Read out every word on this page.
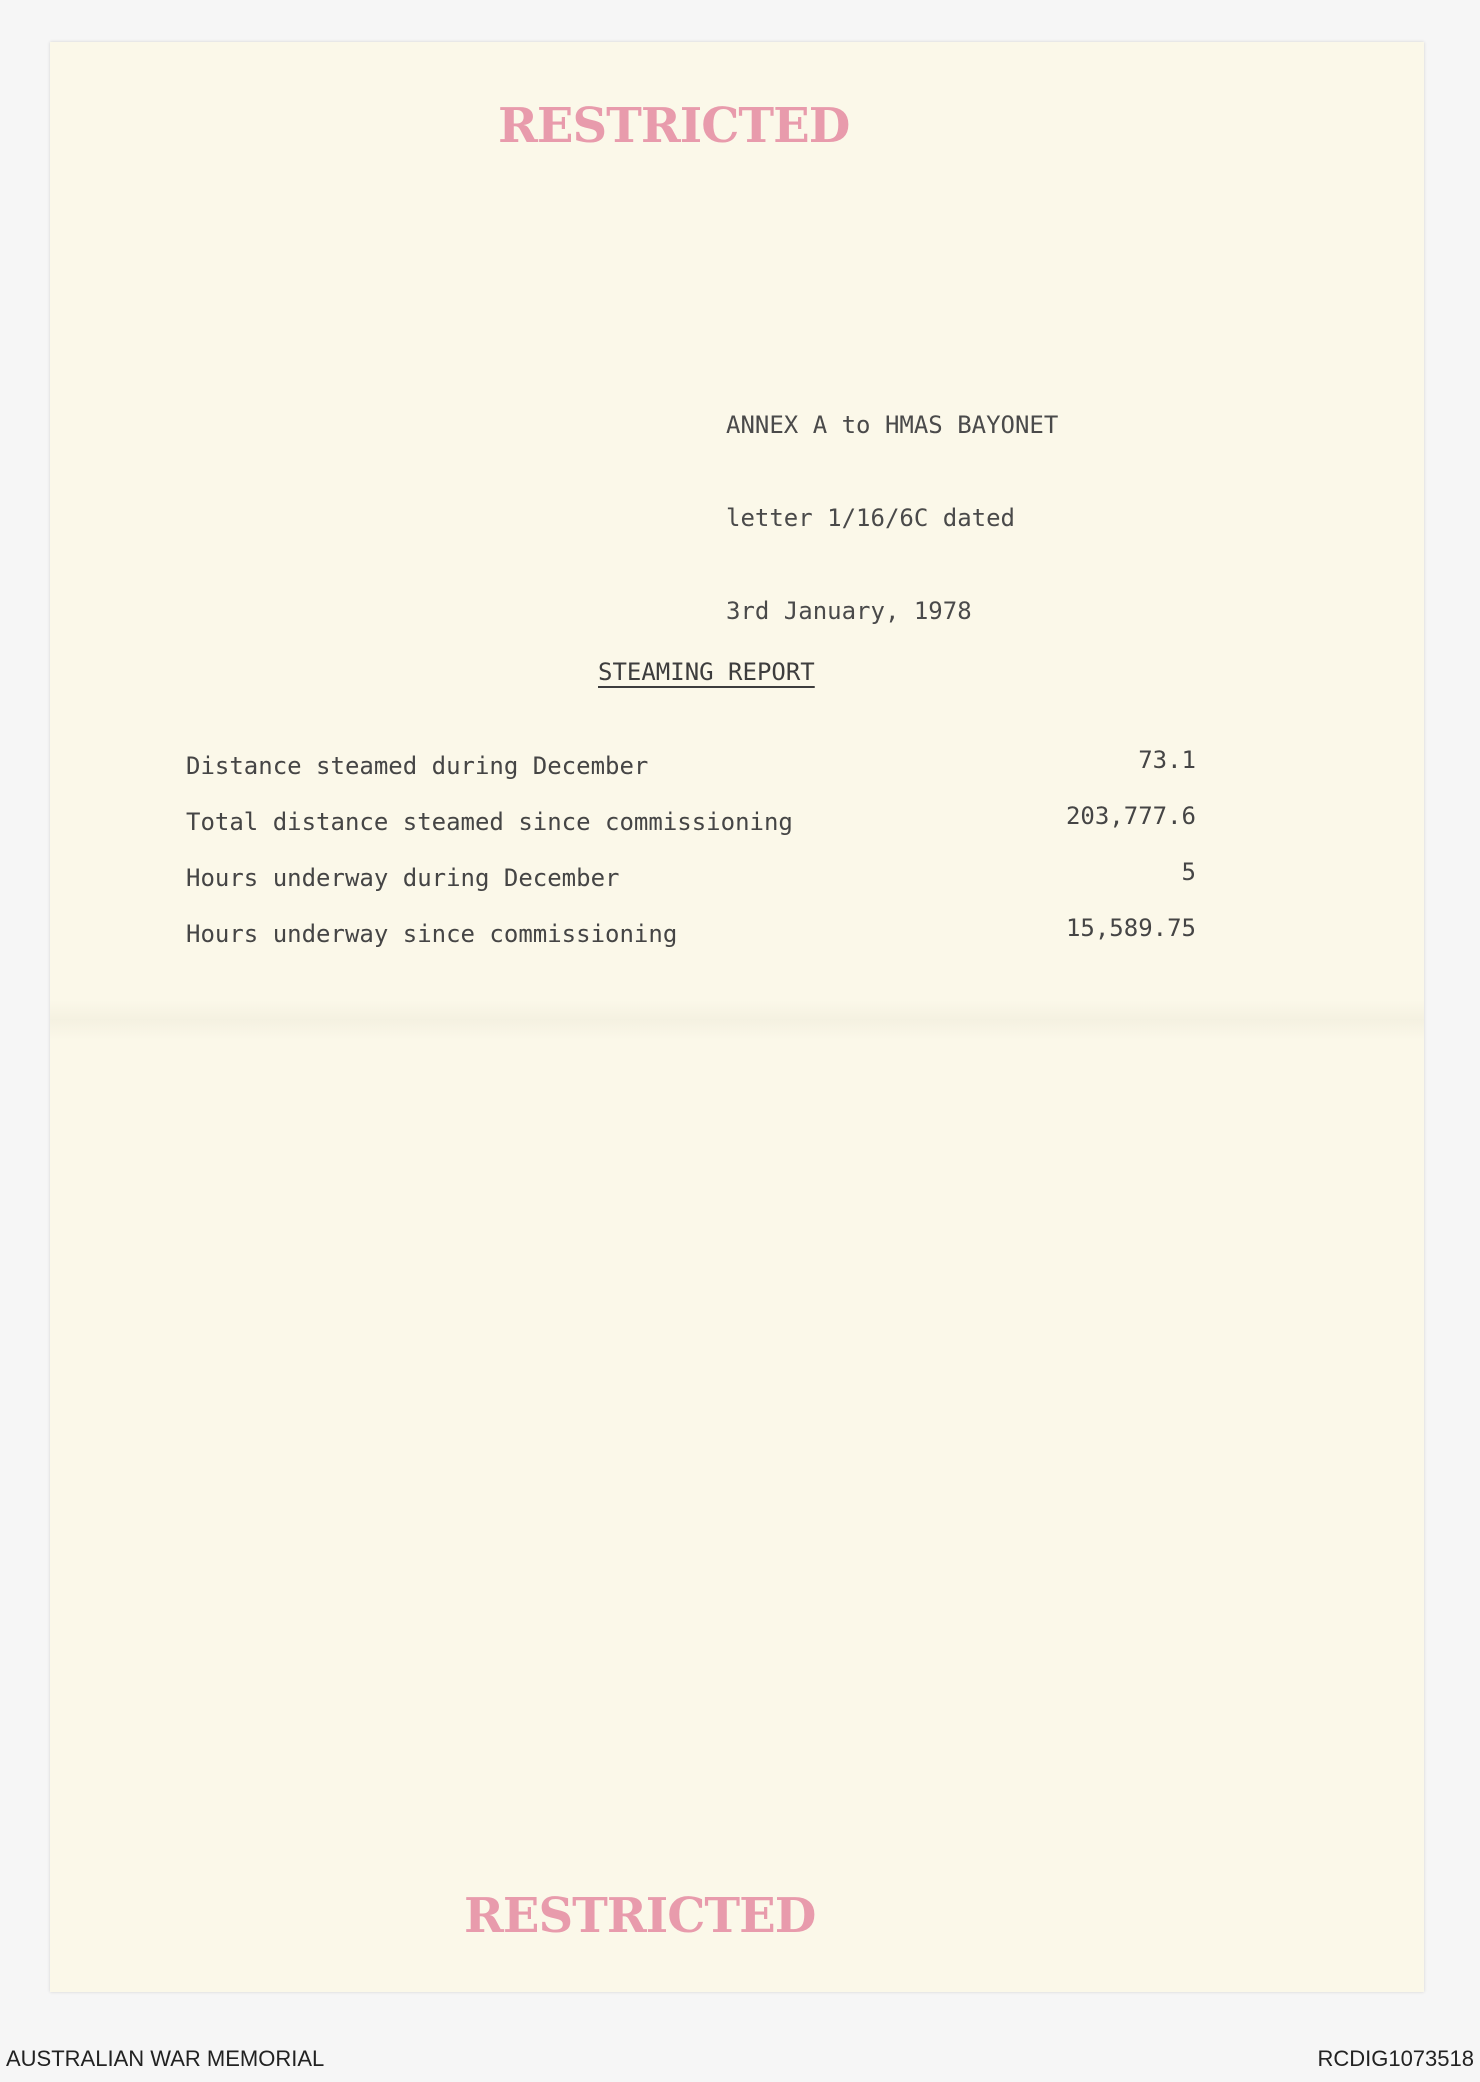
RESTRICTED

ANNEX A to HMAS BAYONET

letter 1/16/6C dated

3rd January, 1978

STEAMING REPORT
Distance steamed during December	73.1
Total distance steamed since commissioning	203,777.6
Hours underway during December	5
Hours underway since commissioning	15,589.75
RESTRICTED
AUSTRALIAN WAR MEMORIAL	RCDIG1073518
